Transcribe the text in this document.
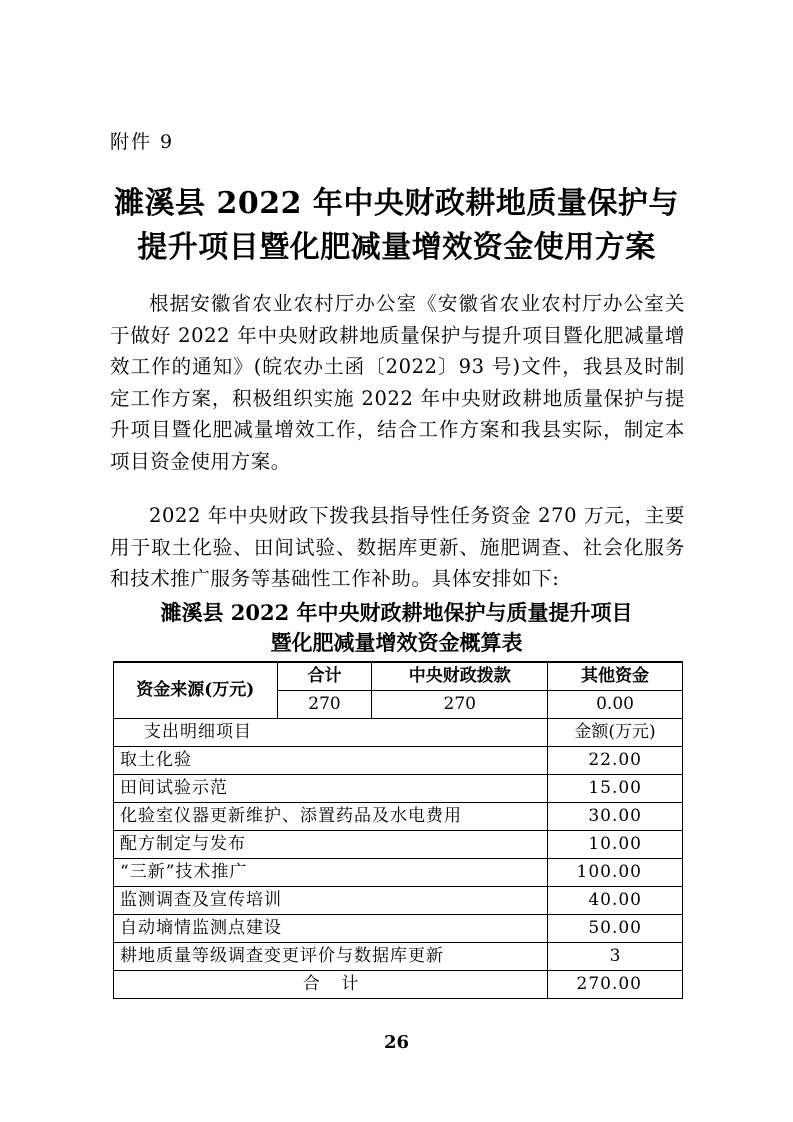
附件 9
濉溪县 2022 年中央财政耕地质量保护与
提升项目暨化肥减量增效资金使用方案

根据安徽省农业农村厅办公室《安徽省农业农村厅办公室关于做好 2022 年中央财政耕地质量保护与提升项目暨化肥减量增效工作的通知》(皖农办土函〔2022〕93 号)文件，我县及时制定工作方案，积极组织实施 2022 年中央财政耕地质量保护与提升项目暨化肥减量增效工作，结合工作方案和我县实际，制定本项目资金使用方案。

2022 年中央财政下拨我县指导性任务资金 270 万元，主要用于取土化验、田间试验、数据库更新、施肥调查、社会化服务和技术推广服务等基础性工作补助。具体安排如下:

濉溪县 2022 年中央财政耕地保护与质量提升项目
暨化肥减量增效资金概算表
资金来源(万元)	合计	中央财政拨款	其他资金
	270	270	0.00
支出明细项目			金额(万元)
取土化验			22.00
田间试验示范			15.00
化验室仪器更新维护、添置药品及水电费用			30.00
配方制定与发布			10.00
“三新”技术推广			100.00
监测调查及宣传培训			40.00
自动墒情监测点建设			50.00
耕地质量等级调查变更评价与数据库更新			3
合    计			270.00
26
